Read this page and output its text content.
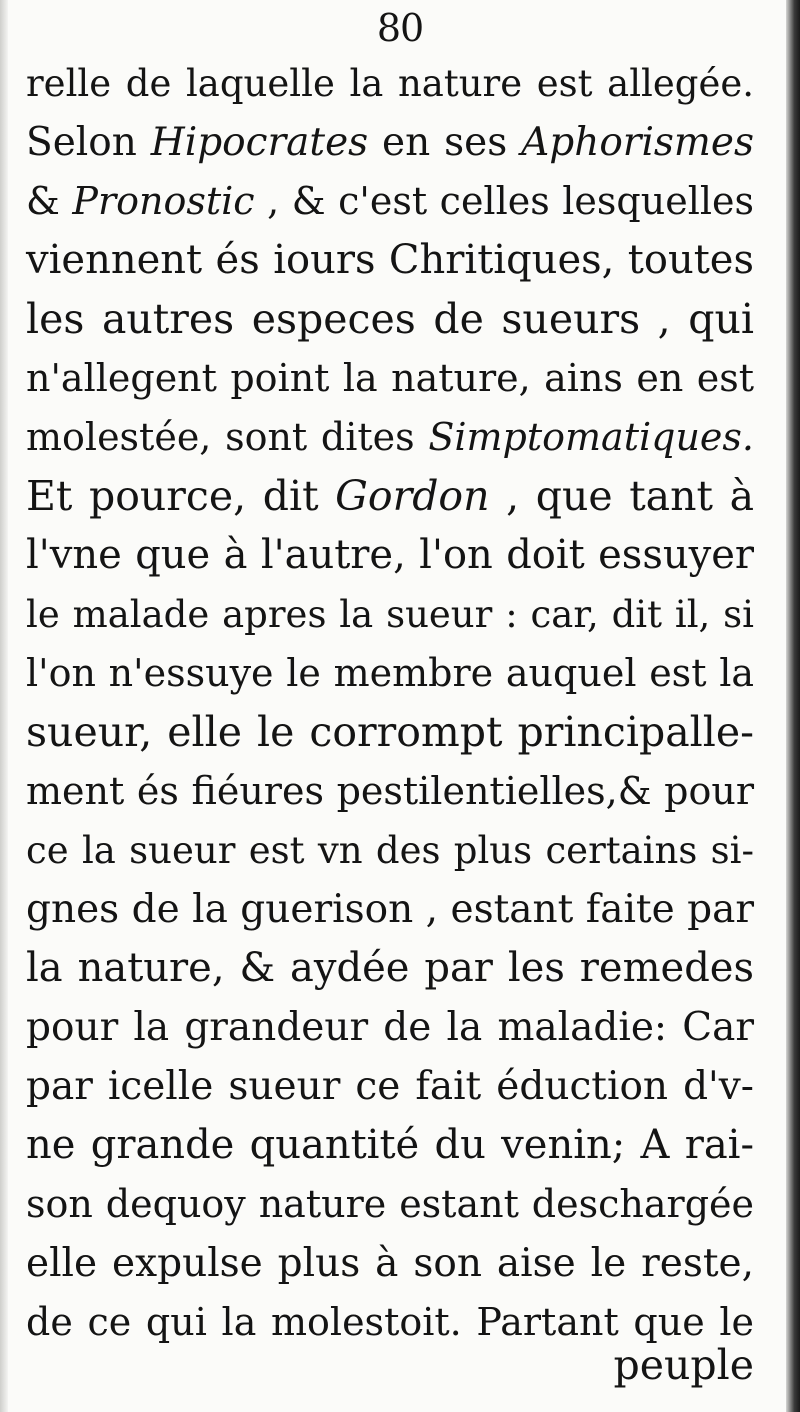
80
relle de laquelle la nature est allegée.
Selon Hipocrates en ses Aphorismes
& Pronostic , & c'est celles lesquelles
viennent és iours Chritiques, toutes
les autres especes de sueurs , qui
n'allegent point la nature, ains en est
molestée, sont dites Simptomatiques.
Et pource, dit Gordon , que tant à
l'vne que à l'autre, l'on doit essuyer
le malade apres la sueur : car, dit il, si
l'on n'essuye le membre auquel est la
sueur, elle le corrompt principalle-
ment és fiéures pestilentielles,& pour
ce la sueur est vn des plus certains si-
gnes de la guerison , estant faite par
la nature, & aydée par les remedes
pour la grandeur de la maladie: Car
par icelle sueur ce fait éduction d'v-
ne grande quantité du venin; A rai-
son dequoy nature estant deschargée
elle expulse plus à son aise le reste,
de ce qui la molestoit. Partant que le
peuple
